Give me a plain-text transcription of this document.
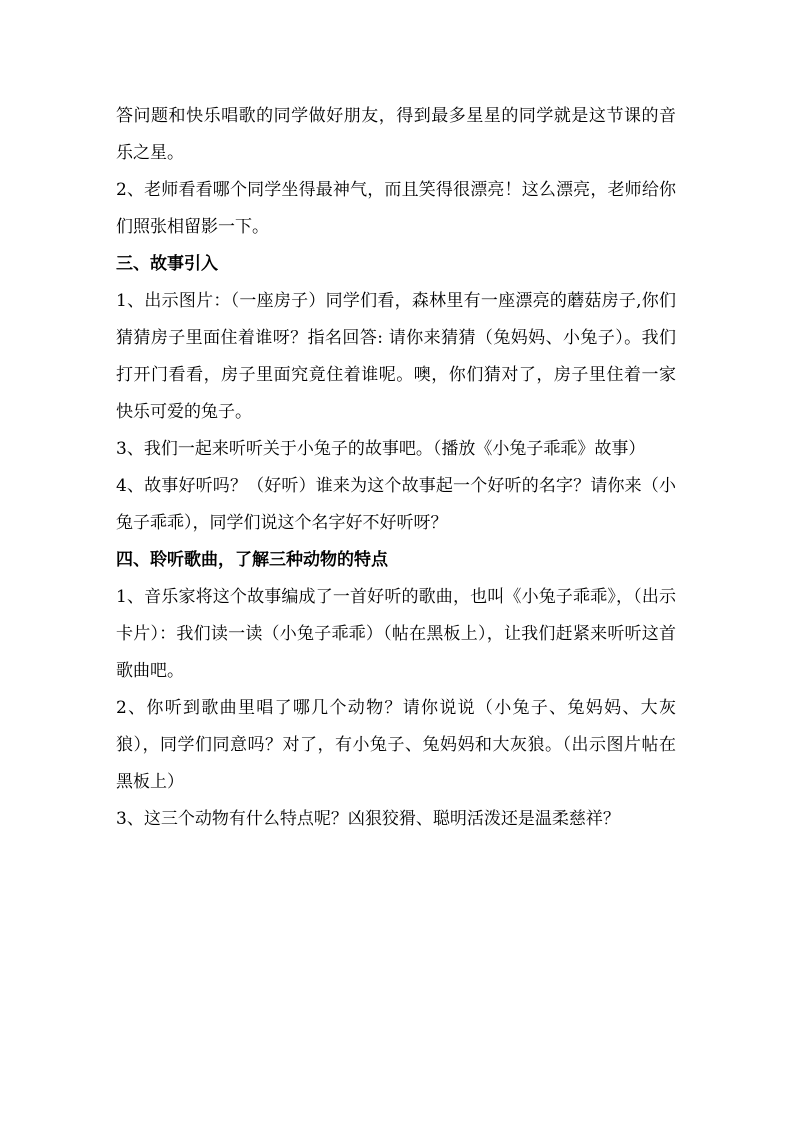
答问题和快乐唱歌的同学做好朋友，得到最多星星的同学就是这节课的音乐之星。

2、老师看看哪个同学坐得最神气，而且笑得很漂亮！这么漂亮，老师给你们照张相留影一下。

三、故事引入

1、出示图片：（一座房子）同学们看，森林里有一座漂亮的蘑菇房子,你们猜猜房子里面住着谁呀？指名回答: 请你来猜猜（兔妈妈、小兔子）。我们打开门看看，房子里面究竟住着谁呢。噢，你们猜对了，房子里住着一家快乐可爱的兔子。

3、我们一起来听听关于小兔子的故事吧。（播放《小兔子乖乖》故事）

4、故事好听吗？（好听）谁来为这个故事起一个好听的名字？请你来（小兔子乖乖），同学们说这个名字好不好听呀？

四、聆听歌曲，了解三种动物的特点

1、音乐家将这个故事编成了一首好听的歌曲，也叫《小兔子乖乖》，（出示卡片）：我们读一读（小兔子乖乖）（帖在黑板上），让我们赶紧来听听这首歌曲吧。

2、你听到歌曲里唱了哪几个动物？请你说说（小兔子、兔妈妈、大灰狼），同学们同意吗？对了，有小兔子、兔妈妈和大灰狼。（出示图片帖在黑板上）

3、这三个动物有什么特点呢？凶狠狡猾、聪明活泼还是温柔慈祥？
